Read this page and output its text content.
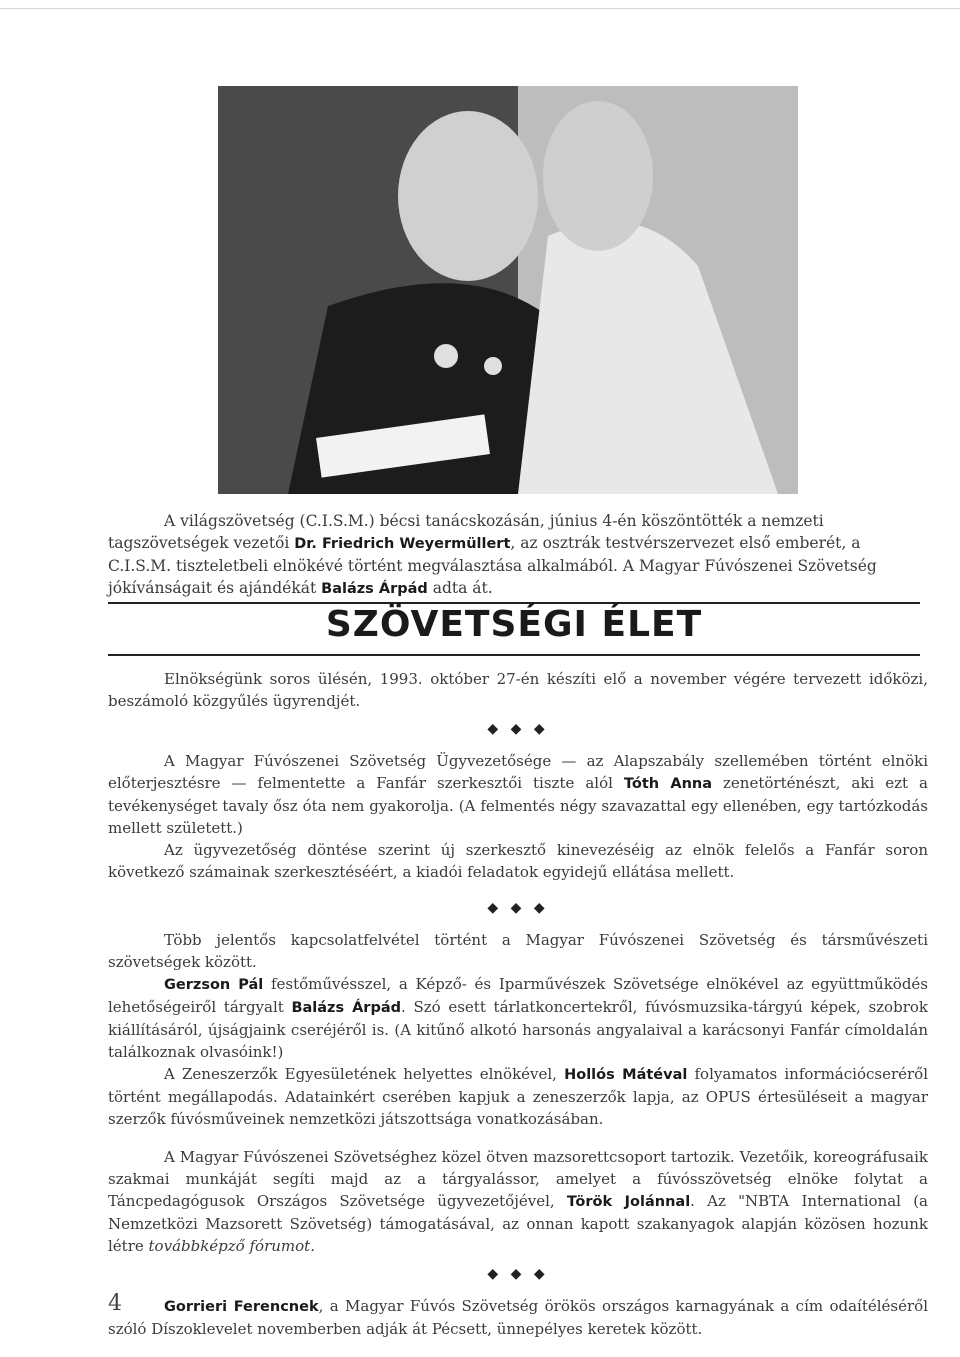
A világszövetség (C.I.S.M.) bécsi tanácskozásán, június 4-én köszöntötték a nemzeti tagszövetségek vezetői Dr. Friedrich Weyermüllert, az osztrák testvérszervezet első emberét, a C.I.S.M. tiszteletbeli elnökévé történt megválasztása alkalmából. A Magyar Fúvószenei Szövetség jókívánságait és ajándékát Balázs Árpád adta át.

SZÖVETSÉGI ÉLET

Elnökségünk soros ülésén, 1993. október 27-én készíti elő a november végére tervezett időközi, beszámoló közgyűlés ügyrendjét.

◆ ◆ ◆

A Magyar Fúvószenei Szövetség Ügyvezetősége — az Alapszabály szellemében történt elnöki előterjesztésre — felmentette a Fanfár szerkesztői tiszte alól Tóth Anna zenetörténészt, aki ezt a tevékenységet tavaly ősz óta nem gyakorolja. (A felmentés négy szavazattal egy ellenében, egy tartózkodás mellett született.)

Az ügyvezetőség döntése szerint új szerkesztő kinevezéséig az elnök felelős a Fanfár soron következő számainak szerkesztéséért, a kiadói feladatok egyidejű ellátása mellett.

◆ ◆ ◆

Több jelentős kapcsolatfelvétel történt a Magyar Fúvószenei Szövetség és társművészeti szövetségek között.

Gerzson Pál festőművésszel, a Képző- és Iparművészek Szövetsége elnökével az együttműködés lehetőségeiről tárgyalt Balázs Árpád. Szó esett tárlatkoncertekről, fúvósmuzsika-tárgyú képek, szobrok kiállításáról, újságjaink cseréjéről is. (A kitűnő alkotó harsonás angyalaival a karácsonyi Fanfár címoldalán találkoznak olvasóink!)

A Zeneszerzők Egyesületének helyettes elnökével, Hollós Mátéval folyamatos információcseréről történt megállapodás. Adatainkért cserében kapjuk a zeneszerzők lapja, az OPUS értesüléseit a magyar szerzők fúvósműveinek nemzetközi játszottsága vonatkozásában.

A Magyar Fúvószenei Szövetséghez közel ötven mazsorettcsoport tartozik. Vezetőik, koreográfusaik szakmai munkáját segíti majd az a tárgyalássor, amelyet a fúvósszövetség elnöke folytat a Táncpedagógusok Országos Szövetsége ügyvezetőjével, Török Jolánnal. Az "NBTA International (a Nemzetközi Mazsorett Szövetség) támogatásával, az onnan kapott szakanyagok alapján közösen hozunk létre továbbképző fórumot.

◆ ◆ ◆

Gorrieri Ferencnek, a Magyar Fúvós Szövetség örökös országos karnagyának a cím odaítéléséről szóló Díszoklevelet novemberben adják át Pécsett, ünnepélyes keretek között.

4
